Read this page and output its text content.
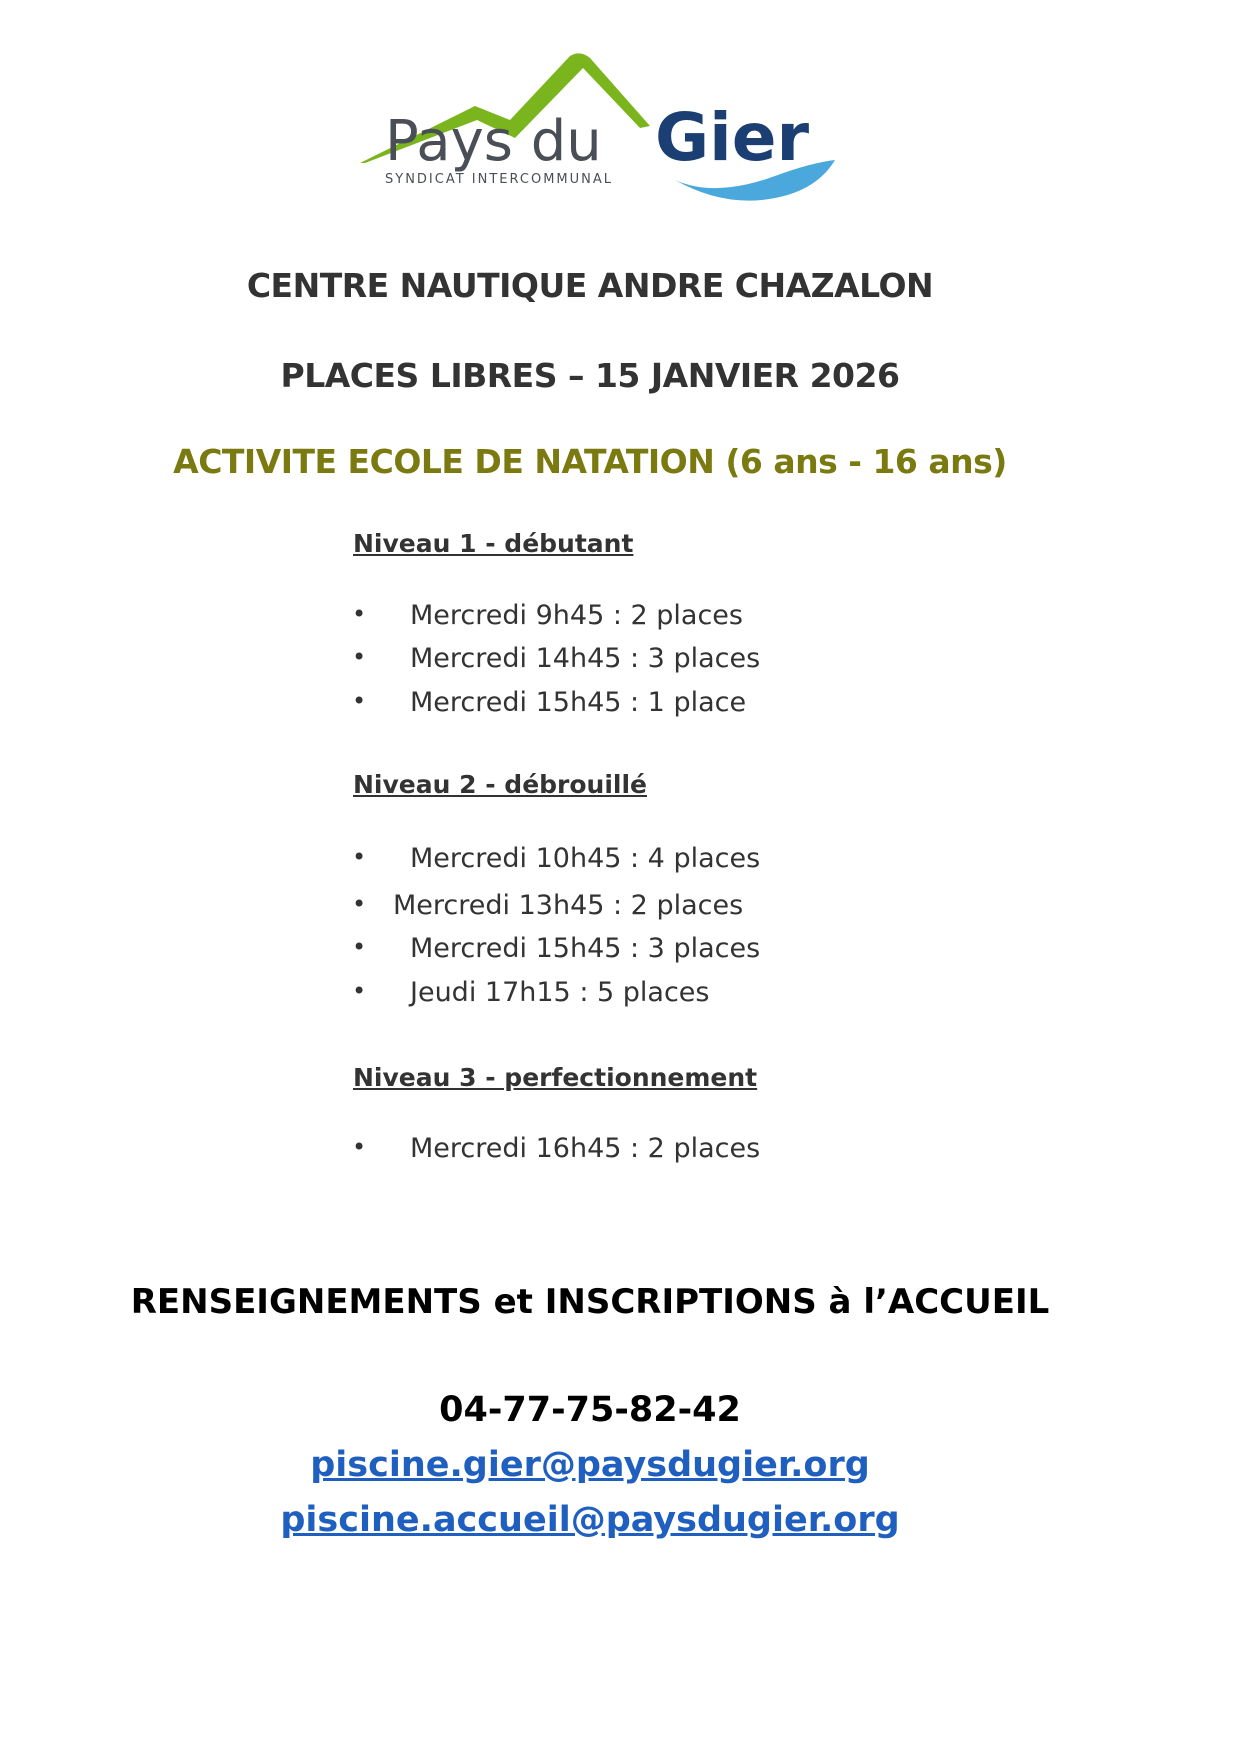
Pays du Gier
SYNDICAT INTERCOMMUNAL
CENTRE NAUTIQUE ANDRE CHAZALON
PLACES LIBRES – 15 JANVIER 2026
ACTIVITE ECOLE DE NATATION (6 ans - 16 ans)
Niveau 1 - débutant
• Mercredi 9h45 : 2 places
• Mercredi 14h45 : 3 places
• Mercredi 15h45 : 1 place
Niveau 2 - débrouillé
• Mercredi 10h45 : 4 places
• Mercredi 13h45 : 2 places
• Mercredi 15h45 : 3 places
• Jeudi 17h15 : 5 places
Niveau 3 - perfectionnement
• Mercredi 16h45 : 2 places
RENSEIGNEMENTS et INSCRIPTIONS à l’ACCUEIL
04-77-75-82-42
piscine.gier@paysdugier.org
piscine.accueil@paysdugier.org
